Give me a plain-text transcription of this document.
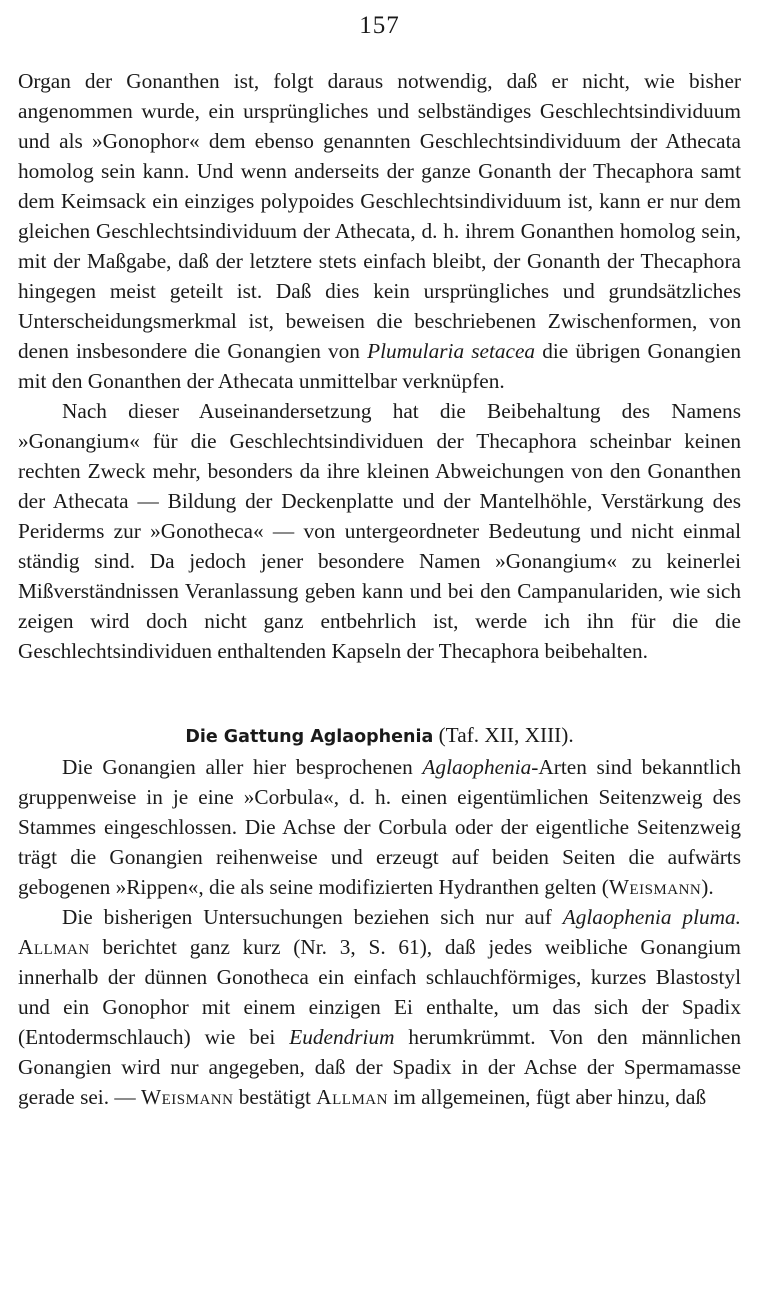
157

Organ der Gonanthen ist, folgt daraus notwendig, daß er nicht, wie bisher angenommen wurde, ein ursprüngliches und selbständiges Geschlechtsindividuum und als »Gonophor« dem ebenso genannten Geschlechtsindividuum der Athecata homolog sein kann. Und wenn anderseits der ganze Gonanth der Thecaphora samt dem Keimsack ein einziges polypoides Geschlechtsindividuum ist, kann er nur dem gleichen Geschlechtsindividuum der Athecata, d. h. ihrem Gonanthen homolog sein, mit der Maßgabe, daß der letztere stets einfach bleibt, der Gonanth der Thecaphora hingegen meist geteilt ist. Daß dies kein ursprüngliches und grundsätzliches Unterscheidungsmerkmal ist, beweisen die beschriebenen Zwischenformen, von denen insbesondere die Gonangien von Plumularia setacea die übrigen Gonangien mit den Gonanthen der Athecata unmittelbar verknüpfen.

Nach dieser Auseinandersetzung hat die Beibehaltung des Namens »Gonangium« für die Geschlechtsindividuen der Thecaphora scheinbar keinen rechten Zweck mehr, besonders da ihre kleinen Abweichungen von den Gonanthen der Athecata — Bildung der Deckenplatte und der Mantelhöhle, Verstärkung des Periderms zur »Gonotheca« — von untergeordneter Bedeutung und nicht einmal ständig sind. Da jedoch jener besondere Namen »Gonangium« zu keinerlei Mißverständnissen Veranlassung geben kann und bei den Campanulariden, wie sich zeigen wird doch nicht ganz entbehrlich ist, werde ich ihn für die die Geschlechtsindividuen enthaltenden Kapseln der Thecaphora beibehalten.

Die Gattung Aglaophenia (Taf. XII, XIII).

Die Gonangien aller hier besprochenen Aglaophenia-Arten sind bekanntlich gruppenweise in je eine »Corbula«, d. h. einen eigentümlichen Seitenzweig des Stammes eingeschlossen. Die Achse der Corbula oder der eigentliche Seitenzweig trägt die Gonangien reihenweise und erzeugt auf beiden Seiten die aufwärts gebogenen »Rippen«, die als seine modifizierten Hydranthen gelten (Weismann).

Die bisherigen Untersuchungen beziehen sich nur auf Aglaophenia pluma. Allman berichtet ganz kurz (Nr. 3, S. 61), daß jedes weibliche Gonangium innerhalb der dünnen Gonotheca ein einfach schlauchförmiges, kurzes Blastostyl und ein Gonophor mit einem einzigen Ei enthalte, um das sich der Spadix (Entodermschlauch) wie bei Eudendrium herumkrümmt. Von den männlichen Gonangien wird nur angegeben, daß der Spadix in der Achse der Spermamasse gerade sei. — Weismann bestätigt Allman im allgemeinen, fügt aber hinzu, daß
